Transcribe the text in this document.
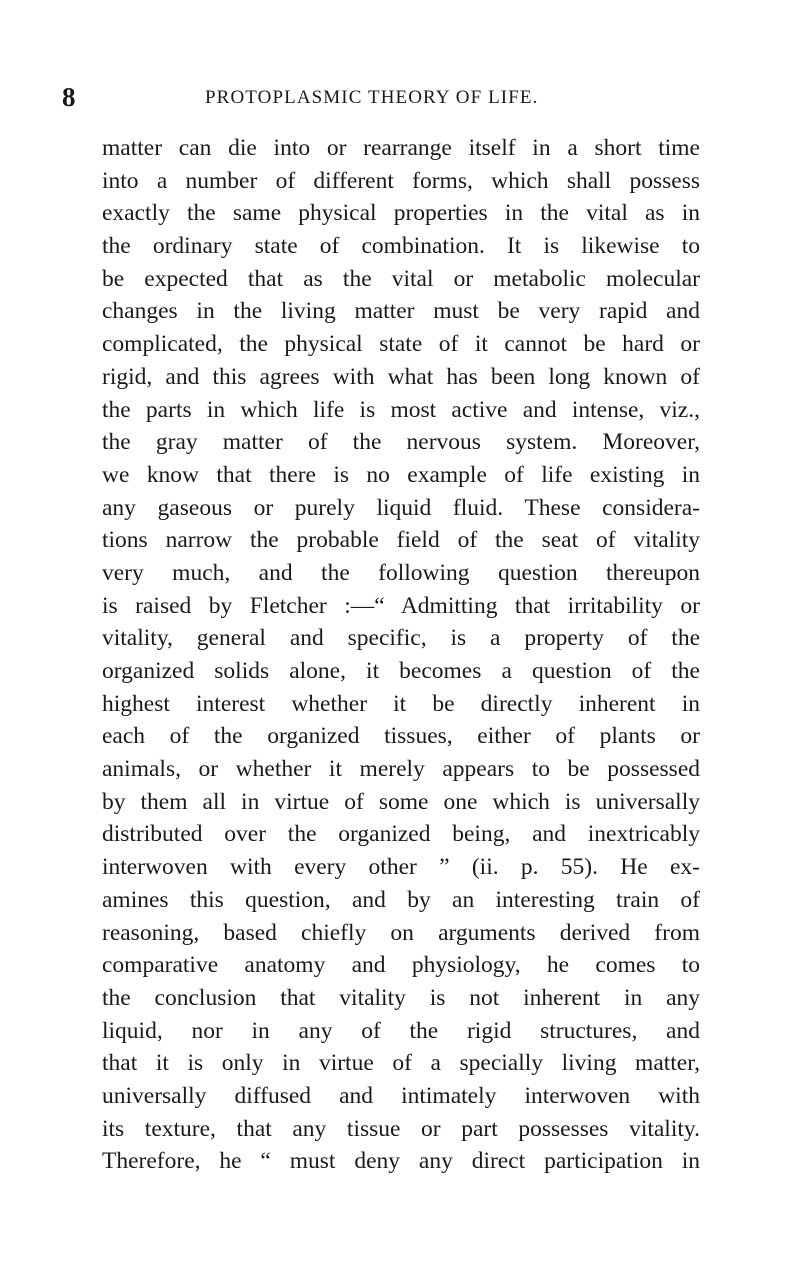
8	PROTOPLASMIC THEORY OF LIFE.
matter can die into or rearrange itself in a short time
into a number of different forms, which shall possess
exactly the same physical properties in the vital as in
the ordinary state of combination. It is likewise to
be expected that as the vital or metabolic molecular
changes in the living matter must be very rapid and
complicated, the physical state of it cannot be hard or
rigid, and this agrees with what has been long known of
the parts in which life is most active and intense, viz.,
the gray matter of the nervous system. Moreover,
we know that there is no example of life existing in
any gaseous or purely liquid fluid. These considera-
tions narrow the probable field of the seat of vitality
very much, and the following question thereupon
is raised by Fletcher :—“ Admitting that irritability or
vitality, general and specific, is a property of the
organized solids alone, it becomes a question of the
highest interest whether it be directly inherent in
each of the organized tissues, either of plants or
animals, or whether it merely appears to be possessed
by them all in virtue of some one which is universally
distributed over the organized being, and inextricably
interwoven with every other ” (ii. p. 55). He ex-
amines this question, and by an interesting train of
reasoning, based chiefly on arguments derived from
comparative anatomy and physiology, he comes to
the conclusion that vitality is not inherent in any
liquid, nor in any of the rigid structures, and
that it is only in virtue of a specially living matter,
universally diffused and intimately interwoven with
its texture, that any tissue or part possesses vitality.
Therefore, he “ must deny any direct participation in
